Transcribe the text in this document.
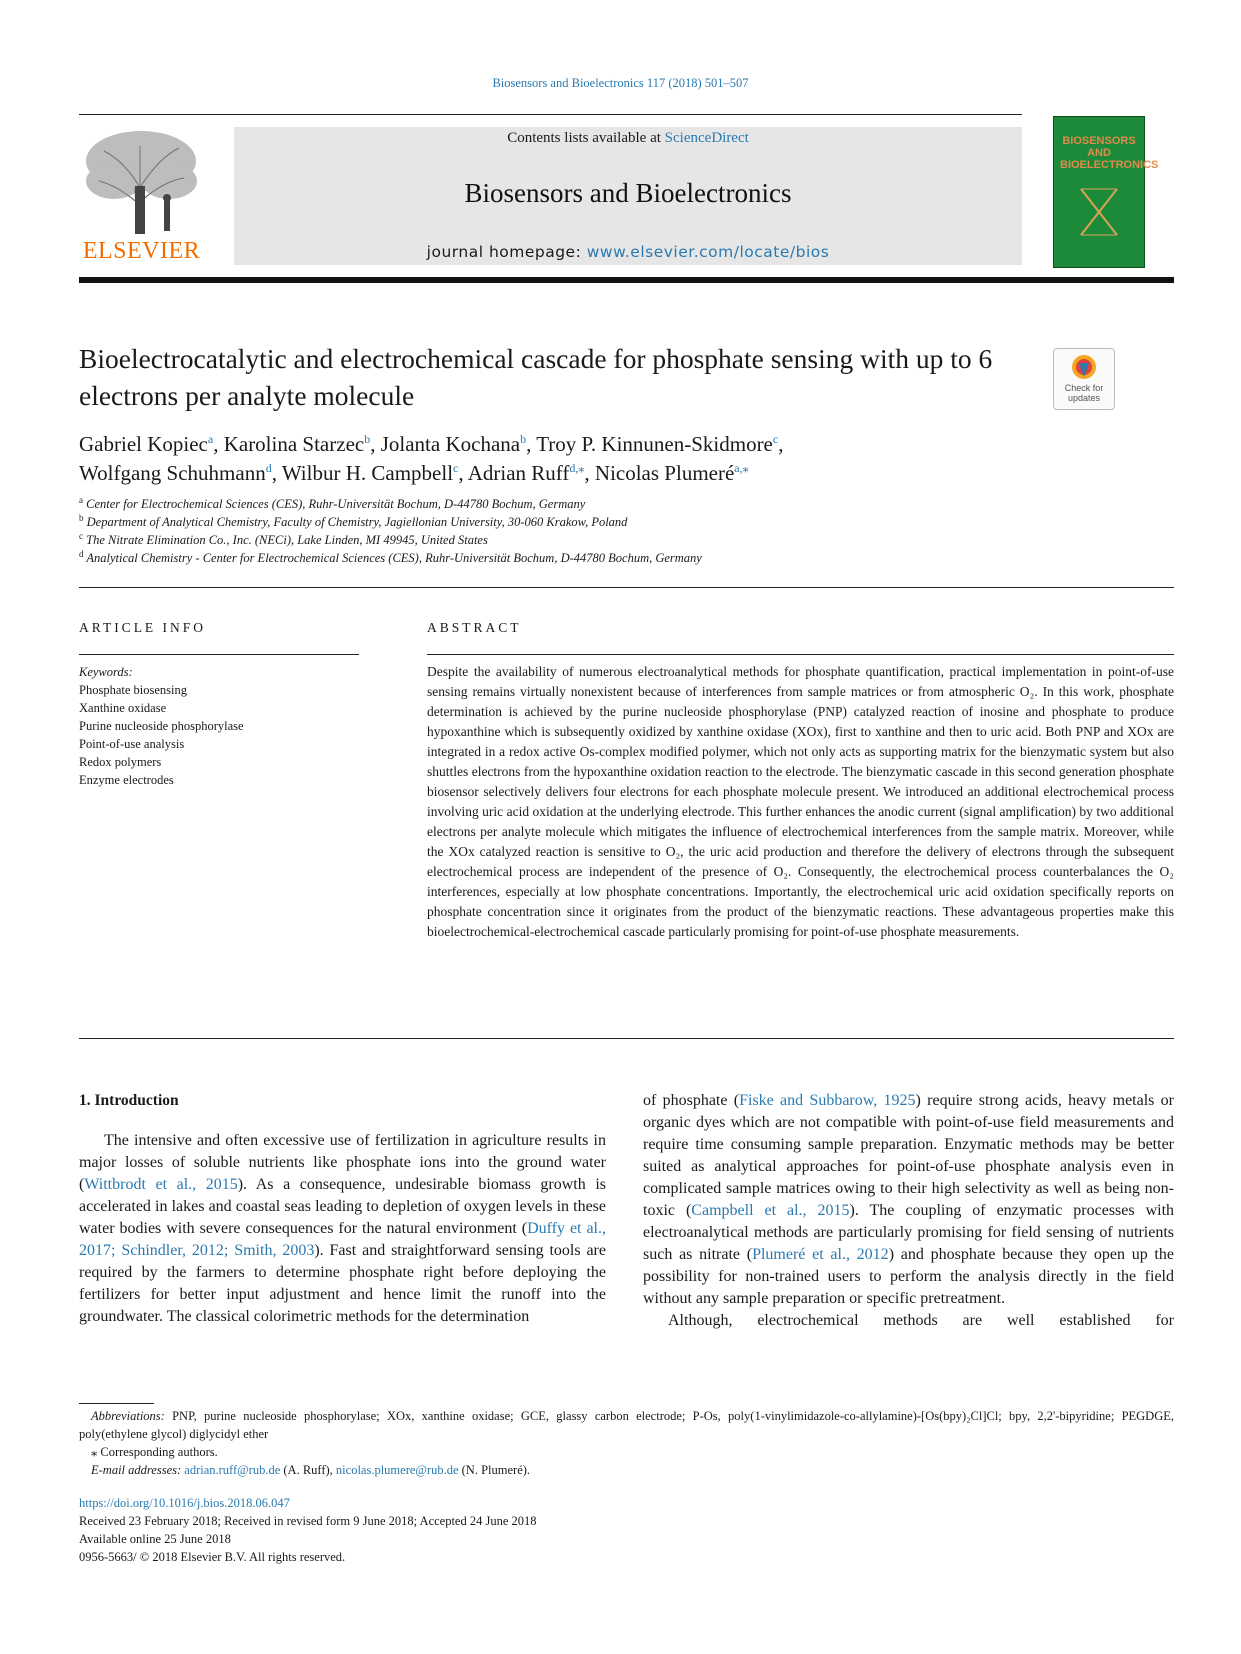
Biosensors and Bioelectronics 117 (2018) 501–507
ELSEVIER
Contents lists available at ScienceDirect
Biosensors and Bioelectronics
journal homepage: www.elsevier.com/locate/bios
BIOSENSORS AND BIOELECTRONICS
Bioelectrocatalytic and electrochemical cascade for phosphate sensing with up to 6 electrons per analyte molecule	Check for updates
Gabriel Kopiec$^a$, Karolina Starzec$^b$, Jolanta Kochana$^b$, Troy P. Kinnunen-Skidmore$^c$,
Wolfgang Schuhmann$^d$, Wilbur H. Campbell$^c$, Adrian Ruff$^{d,⁎}$, Nicolas Plumeré$^{a,⁎}$
$^a$ Center for Electrochemical Sciences (CES), Ruhr-Universität Bochum, D-44780 Bochum, Germany
$^b$ Department of Analytical Chemistry, Faculty of Chemistry, Jagiellonian University, 30-060 Krakow, Poland
$^c$ The Nitrate Elimination Co., Inc. (NECi), Lake Linden, MI 49945, United States
$^d$ Analytical Chemistry - Center for Electrochemical Sciences (CES), Ruhr-Universität Bochum, D-44780 Bochum, Germany
ARTICLE INFO
Keywords:
Phosphate biosensing
Xanthine oxidase
Purine nucleoside phosphorylase
Point-of-use analysis
Redox polymers
Enzyme electrodes
ABSTRACT
Despite the availability of numerous electroanalytical methods for phosphate quantification, practical implementation in point-of-use sensing remains virtually nonexistent because of interferences from sample matrices or from atmospheric O₂. In this work, phosphate determination is achieved by the purine nucleoside phosphorylase (PNP) catalyzed reaction of inosine and phosphate to produce hypoxanthine which is subsequently oxidized by xanthine oxidase (XOx), first to xanthine and then to uric acid. Both PNP and XOx are integrated in a redox active Os-complex modified polymer, which not only acts as supporting matrix for the bienzymatic system but also shuttles electrons from the hypoxanthine oxidation reaction to the electrode. The bienzymatic cascade in this second generation phosphate biosensor selectively delivers four electrons for each phosphate molecule present. We introduced an additional electrochemical process involving uric acid oxidation at the underlying electrode. This further enhances the anodic current (signal amplification) by two additional electrons per analyte molecule which mitigates the influence of electrochemical interferences from the sample matrix. Moreover, while the XOx catalyzed reaction is sensitive to O₂, the uric acid production and therefore the delivery of electrons through the subsequent electrochemical process are independent of the presence of O₂. Consequently, the electrochemical process counterbalances the O₂ interferences, especially at low phosphate concentrations. Importantly, the electrochemical uric acid oxidation specifically reports on phosphate concentration since it originates from the product of the bienzymatic reactions. These advantageous properties make this bioelectrochemical-electrochemical cascade particularly promising for point-of-use phosphate measurements.
1. Introduction

The intensive and often excessive use of fertilization in agriculture results in major losses of soluble nutrients like phosphate ions into the ground water (Wittbrodt et al., 2015). As a consequence, undesirable biomass growth is accelerated in lakes and coastal seas leading to depletion of oxygen levels in these water bodies with severe consequences for the natural environment (Duffy et al., 2017; Schindler, 2012; Smith, 2003). Fast and straightforward sensing tools are required by the farmers to determine phosphate right before deploying the fertilizers for better input adjustment and hence limit the runoff into the groundwater. The classical colorimetric methods for the determination

of phosphate (Fiske and Subbarow, 1925) require strong acids, heavy metals or organic dyes which are not compatible with point-of-use field measurements and require time consuming sample preparation. Enzymatic methods may be better suited as analytical approaches for point-of-use phosphate analysis even in complicated sample matrices owing to their high selectivity as well as being non-toxic (Campbell et al., 2015). The coupling of enzymatic processes with electroanalytical methods are particularly promising for field sensing of nutrients such as nitrate (Plumeré et al., 2012) and phosphate because they open up the possibility for non-trained users to perform the analysis directly in the field without any sample preparation or specific pretreatment.

Although, electrochemical methods are well established for

Abbreviations: PNP, purine nucleoside phosphorylase; XOx, xanthine oxidase; GCE, glassy carbon electrode; P-Os, poly(1-vinylimidazole-co-allylamine)-[Os(bpy)₂Cl]Cl; bpy, 2,2'-bipyridine; PEGDGE, poly(ethylene glycol) diglycidyl ether

⁎ Corresponding authors.

E-mail addresses: adrian.ruff@rub.de (A. Ruff), nicolas.plumere@rub.de (N. Plumeré).

https://doi.org/10.1016/j.bios.2018.06.047
Received 23 February 2018; Received in revised form 9 June 2018; Accepted 24 June 2018
Available online 25 June 2018
0956-5663/ © 2018 Elsevier B.V. All rights reserved.
